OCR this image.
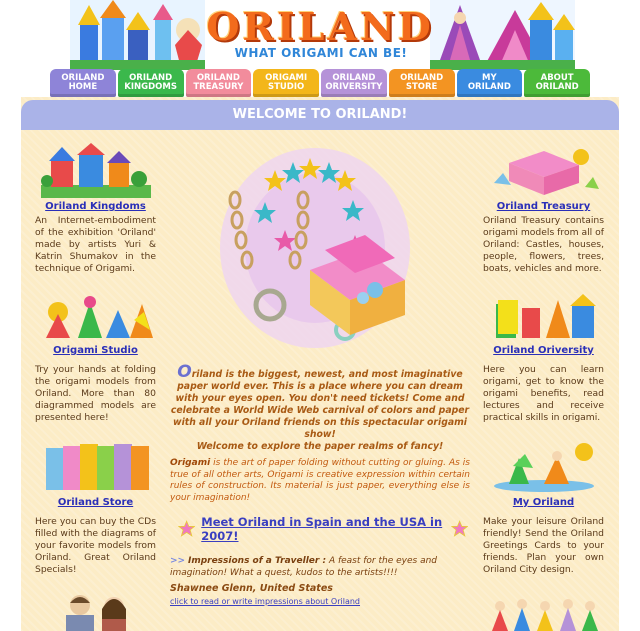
ORILAND
WHAT ORIGAMI CAN BE!
ORILAND
HOME
ORILAND
KINGDOMS
ORILAND
TREASURY
ORIGAMI
STUDIO
ORILAND
ORIVERSITY
ORILAND
STORE
MY
ORILAND
ABOUT
ORILAND
WELCOME TO ORILAND!
Oriland Kingdoms

An Internet-embodiment of the exhibition 'Oriland' made by artists Yuri & Katrin Shumakov in the technique of Origami.

Origami Studio

Try your hands at folding the origami models from Oriland. More than 80 diagrammed models are presented here!

Oriland Store

Here you can buy the CDs filled with the diagrams of your favorite models from Oriland. Great Oriland Specials!

Oriland is the biggest, newest, and most imaginative paper world ever. This is a place where you can dream with your eyes open. You don't need tickets! Come and celebrate a World Wide Web carnival of colors and paper with all your Oriland friends on this spectacular origami show!
Welcome to explore the paper realms of fancy!
Origami is the art of paper folding without cutting or gluing. As is true of all other arts, Origami is creative expression within certain rules of construction. Its material is just paper, everything else is your imagination!
Meet Oriland in Spain and the USA in 2007!
>> Impressions of a Traveller : A feast for the eyes and imagination! What a quest, kudos to the artists!!!!
Shawnee Glenn, United States
click to read or write impressions about Oriland
Oriland Treasury

Oriland Treasury contains origami models from all of Oriland: Castles, houses, people, flowers, trees, boats, vehicles and more.

Oriland Oriversity

Here you can learn origami, get to know the origami benefits, read lectures and receive practical skills in origami.

My Oriland

Make your leisure Oriland friendly! Send the Oriland Greetings Cards to your friends. Plan your own Oriland City design.
